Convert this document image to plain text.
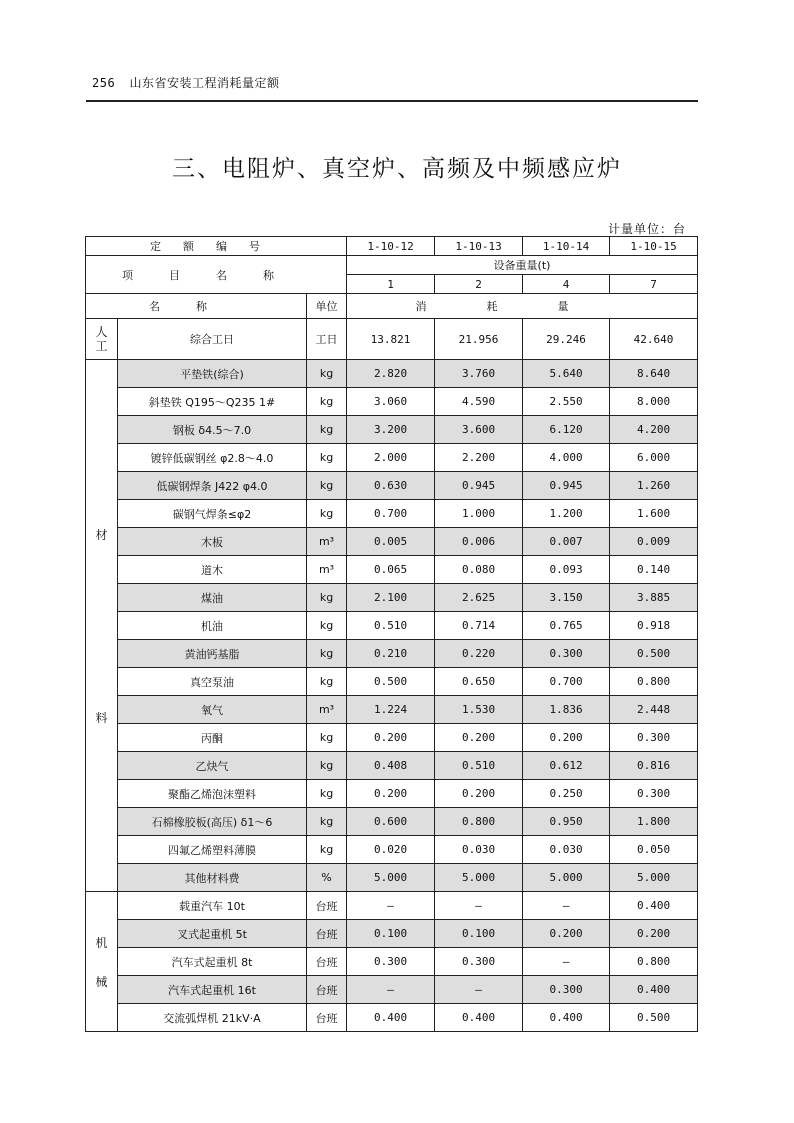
256 山东省安装工程消耗量定额
三、电阻炉、真空炉、高频及中频感应炉
计量单位：台
定额编号			1-10-12	1-10-13	1-10-14	1-10-15
项目名称			设备重量(t)			
			1	2	4	7
名称		单位	消耗量			
人工	综合工日	工日	13.821	21.956	29.246	42.640

材
料	平垫铁(综合)	kg	2.820	3.760	5.640	8.640
	斜垫铁 Q195～Q235 1#	kg	3.060	4.590	2.550	8.000
	钢板 δ4.5～7.0	kg	3.200	3.600	6.120	4.200
	镀锌低碳钢丝 φ2.8～4.0	kg	2.000	2.200	4.000	6.000
	低碳钢焊条 J422 φ4.0	kg	0.630	0.945	0.945	1.260
	碳钢气焊条≤φ2	kg	0.700	1.000	1.200	1.600
	木板	m³	0.005	0.006	0.007	0.009
	道木	m³	0.065	0.080	0.093	0.140
	煤油	kg	2.100	2.625	3.150	3.885
	机油	kg	0.510	0.714	0.765	0.918
	黄油钙基脂	kg	0.210	0.220	0.300	0.500
	真空泵油	kg	0.500	0.650	0.700	0.800
	氧气	m³	1.224	1.530	1.836	2.448
	丙酮	kg	0.200	0.200	0.200	0.300
	乙炔气	kg	0.408	0.510	0.612	0.816
	聚酯乙烯泡沫塑料	kg	0.200	0.200	0.250	0.300
	石棉橡胶板(高压) δ1～6	kg	0.600	0.800	0.950	1.800
	四氟乙烯塑料薄膜	kg	0.020	0.030	0.030	0.050
	其他材料费	%	5.000	5.000	5.000	5.000

机
械	载重汽车 10t	台班	—	—	—	0.400
	叉式起重机 5t	台班	0.100	0.100	0.200	0.200
	汽车式起重机 8t	台班	0.300	0.300	—	0.800
	汽车式起重机 16t	台班	—	—	0.300	0.400
	交流弧焊机 21kV·A	台班	0.400	0.400	0.400	0.500
